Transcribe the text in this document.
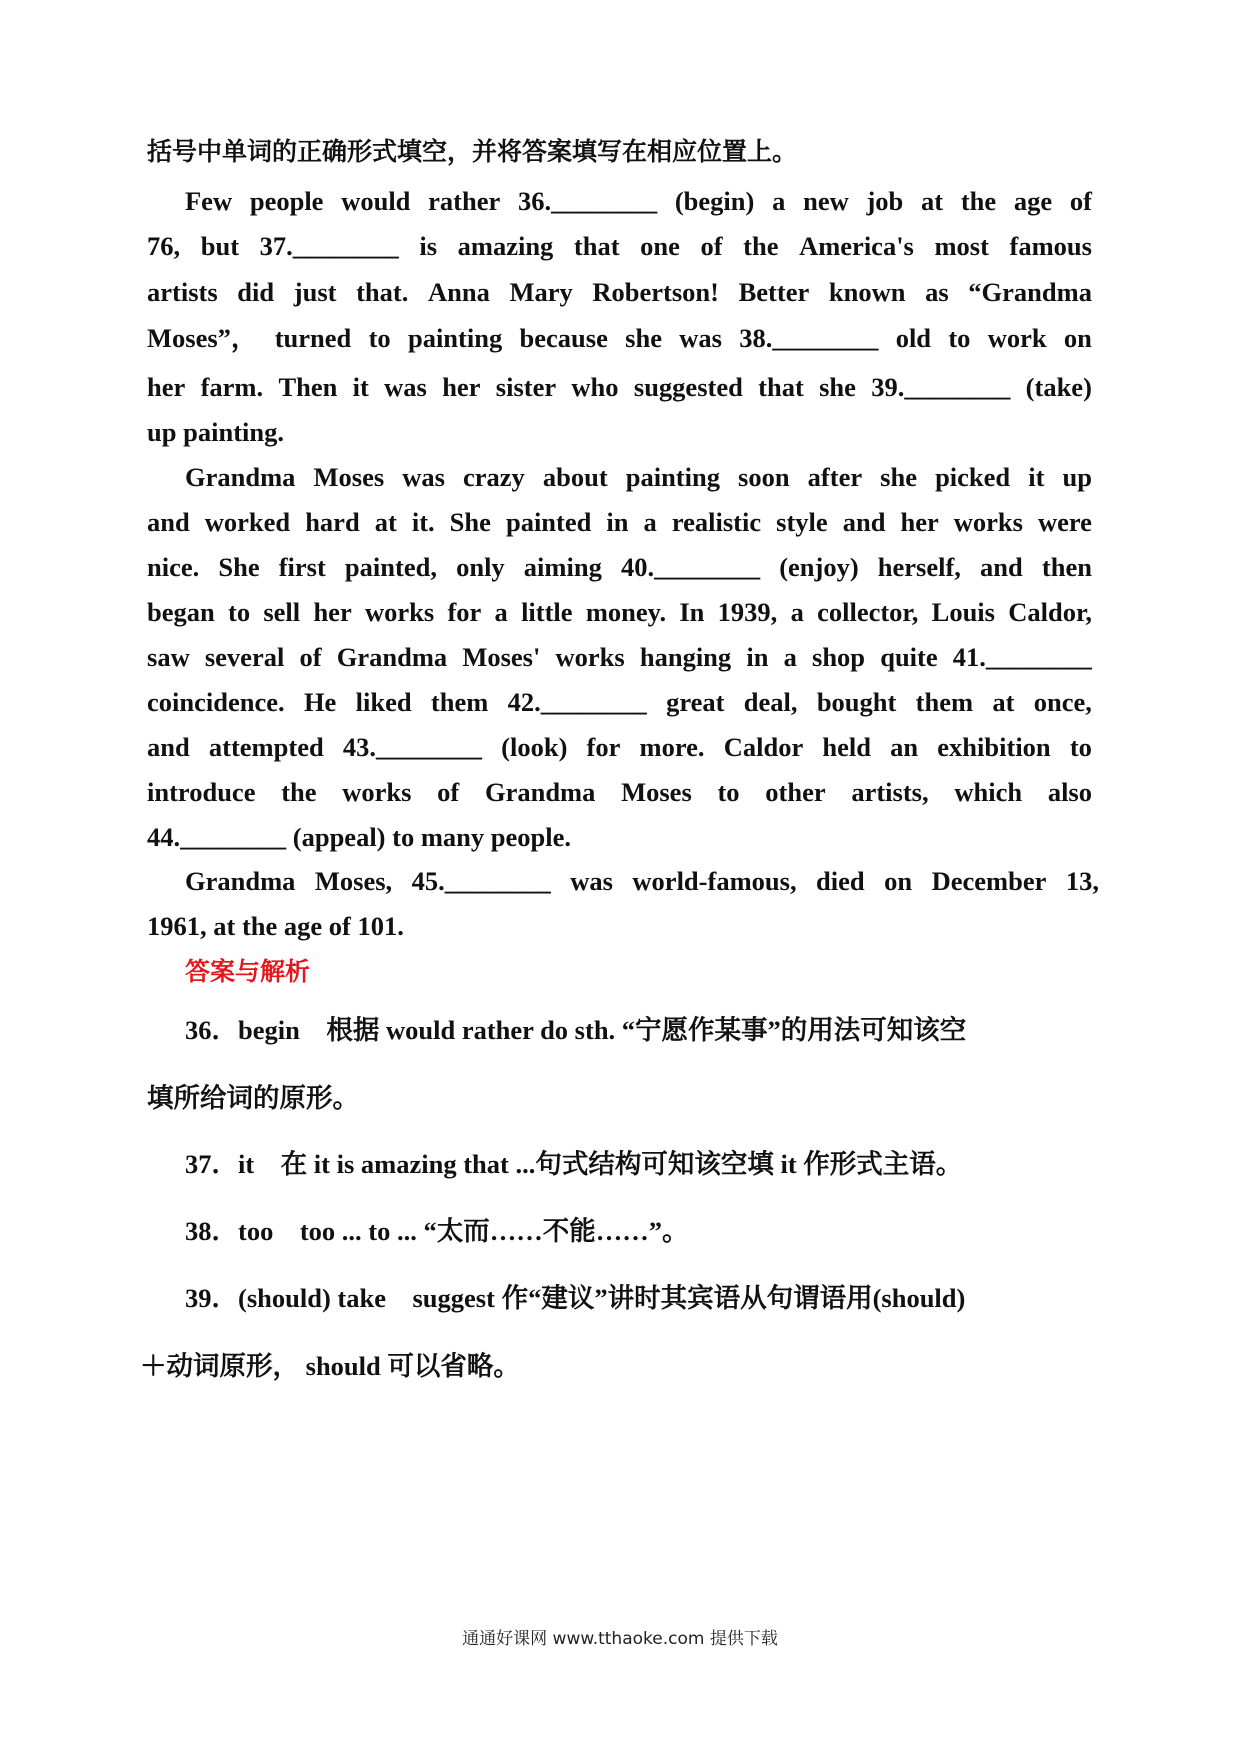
括号中单词的正确形式填空，并将答案填写在相应位置上。
Few people would rather 36.________ (begin) a new job at the age of
76, but 37.________ is amazing that one of the America's most famous
artists did just that. Anna Mary Robertson! Better known as “Grandma
Moses”， turned to painting because she was 38.________ old to work on
her farm. Then it was her sister who suggested that she 39.________ (take)
up painting.
Grandma Moses was crazy about painting soon after she picked it up
and worked hard at it. She painted in a realistic style and her works were
nice. She first painted, only aiming 40.________ (enjoy) herself, and then
began to sell her works for a little money. In 1939, a collector, Louis Caldor,
saw several of Grandma Moses' works hanging in a shop quite 41.________
coincidence. He liked them 42.________ great deal, bought them at once,
and attempted 43.________ (look) for more. Caldor held an exhibition to
introduce the works of Grandma Moses to other artists, which also
44.________ (appeal) to many people.
Grandma Moses, 45.________ was world-famous, died on December 13,
1961, at the age of 101.
答案与解析
36．begin　根据 would rather do sth. “宁愿作某事”的用法可知该空
填所给词的原形。
37．it　在 it is amazing that ...句式结构可知该空填 it 作形式主语。
38．too　too ... to ... “太而……不能……”。
39．(should) take　suggest 作“建议”讲时其宾语从句谓语用(should)
＋动词原形， should 可以省略。
通通好课网 www.tthaoke.com 提供下载
